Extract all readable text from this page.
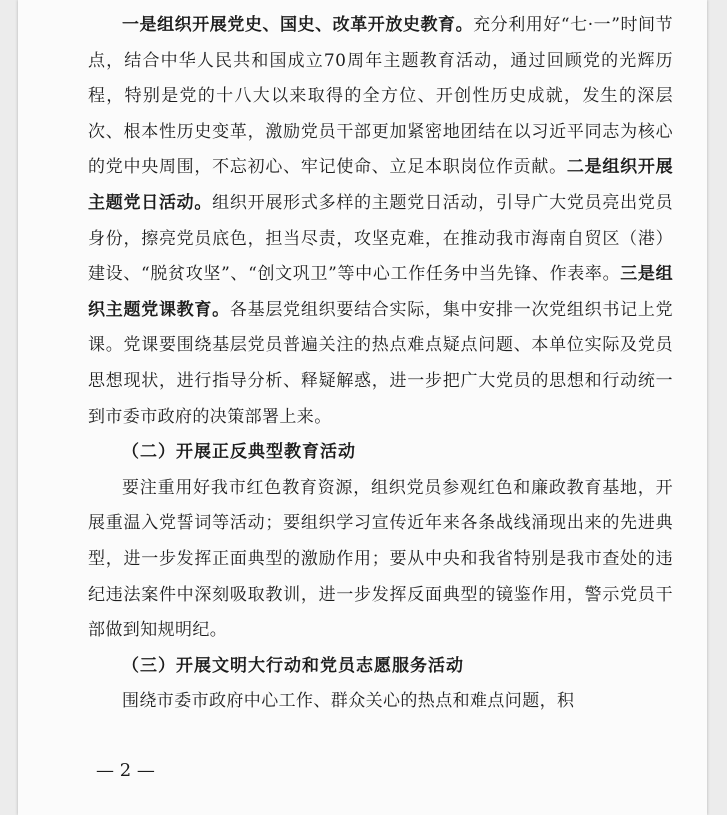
一是组织开展党史、国史、改革开放史教育。充分利用好“七·一”时间节点，结合中华人民共和国成立70周年主题教育活动，通过回顾党的光辉历程，特别是党的十八大以来取得的全方位、开创性历史成就，发生的深层次、根本性历史变革，激励党员干部更加紧密地团结在以习近平同志为核心的党中央周围，不忘初心、牢记使命、立足本职岗位作贡献。二是组织开展主题党日活动。组织开展形式多样的主题党日活动，引导广大党员亮出党员身份，擦亮党员底色，担当尽责，攻坚克难，在推动我市海南自贸区（港）建设、“脱贫攻坚”、“创文巩卫”等中心工作任务中当先锋、作表率。三是组织主题党课教育。各基层党组织要结合实际，集中安排一次党组织书记上党课。党课要围绕基层党员普遍关注的热点难点疑点问题、本单位实际及党员思想现状，进行指导分析、释疑解惑，进一步把广大党员的思想和行动统一到市委市政府的决策部署上来。

（二）开展正反典型教育活动

要注重用好我市红色教育资源，组织党员参观红色和廉政教育基地，开展重温入党誓词等活动；要组织学习宣传近年来各条战线涌现出来的先进典型，进一步发挥正面典型的激励作用；要从中央和我省特别是我市查处的违纪违法案件中深刻吸取教训，进一步发挥反面典型的镜鉴作用，警示党员干部做到知规明纪。

（三）开展文明大行动和党员志愿服务活动

围绕市委市政府中心工作、群众关心的热点和难点问题，积

— 2 —
